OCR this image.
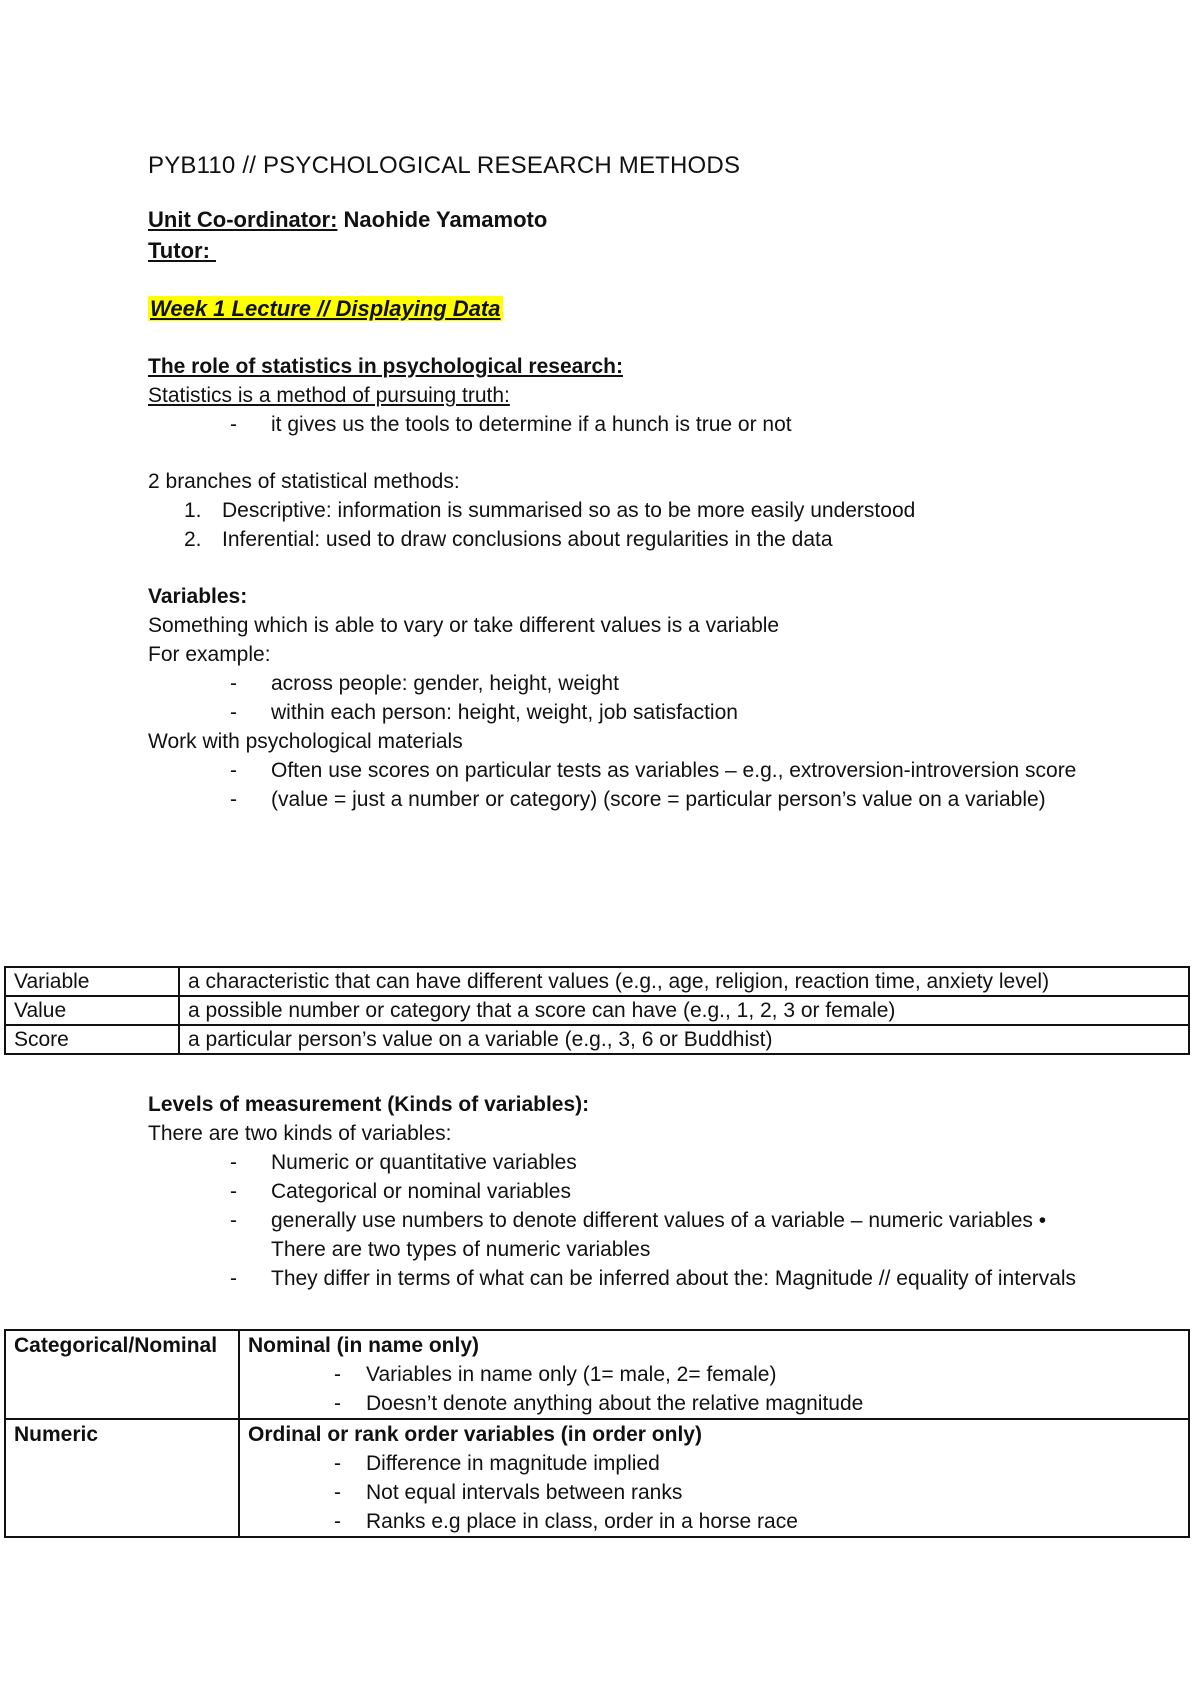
PYB110 // PSYCHOLOGICAL RESEARCH METHODS
Unit Co-ordinator: Naohide Yamamoto
Tutor:
Week 1 Lecture // Displaying Data
The role of statistics in psychological research:
Statistics is a method of pursuing truth:
- it gives us the tools to determine if a hunch is true or not
2 branches of statistical methods:
1. Descriptive: information is summarised so as to be more easily understood
2. Inferential: used to draw conclusions about regularities in the data
Variables:
Something which is able to vary or take different values is a variable
For example:
- across people: gender, height, weight
- within each person: height, weight, job satisfaction
Work with psychological materials
- Often use scores on particular tests as variables – e.g., extroversion-introversion score
- (value = just a number or category) (score = particular person’s value on a variable)
Variable	a characteristic that can have different values (e.g., age, religion, reaction time, anxiety level)
Value	a possible number or category that a score can have (e.g., 1, 2, 3 or female)
Score	a particular person’s value on a variable (e.g., 3, 6 or Buddhist)
Levels of measurement (Kinds of variables):
There are two kinds of variables:
- Numeric or quantitative variables
- Categorical or nominal variables
- generally use numbers to denote different values of a variable – numeric variables • There are two types of numeric variables
- They differ in terms of what can be inferred about the: Magnitude // equality of intervals
Categorical/Nominal	Nominal (in name only)
- Variables in name only (1= male, 2= female)
- Doesn’t denote anything about the relative magnitude

Numeric	Ordinal or rank order variables (in order only)
- Difference in magnitude implied
- Not equal intervals between ranks
- Ranks e.g place in class, order in a horse race
